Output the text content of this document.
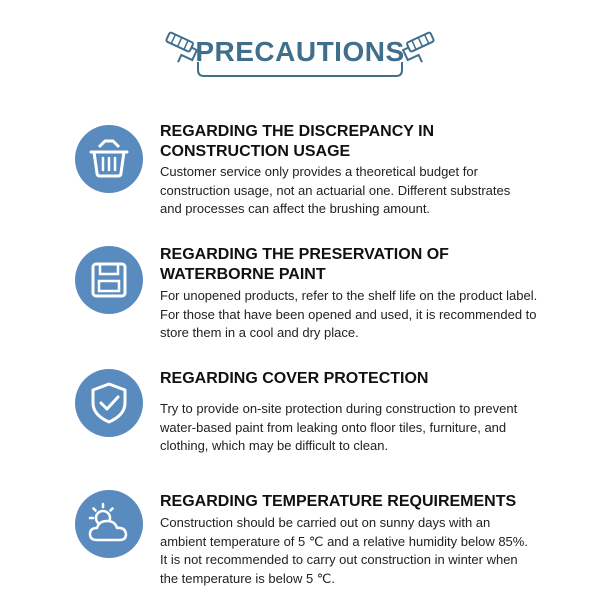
PRECAUTIONS
REGARDING THE DISCREPANCY IN
CONSTRUCTION USAGE
Customer service only provides a theoretical budget for
construction usage, not an actuarial one. Different substrates
and processes can affect the brushing amount.
REGARDING THE PRESERVATION OF
WATERBORNE PAINT
For unopened products, refer to the shelf life on the product label.
For those that have been opened and used, it is recommended to
store them in a cool and dry place.
REGARDING COVER PROTECTION
Try to provide on-site protection during construction to prevent
water-based paint from leaking onto floor tiles, furniture, and
clothing, which may be difficult to clean.
REGARDING TEMPERATURE REQUIREMENTS
Construction should be carried out on sunny days with an
ambient temperature of 5 ℃ and a relative humidity below 85%.
It is not recommended to carry out construction in winter when
the temperature is below 5 ℃.
